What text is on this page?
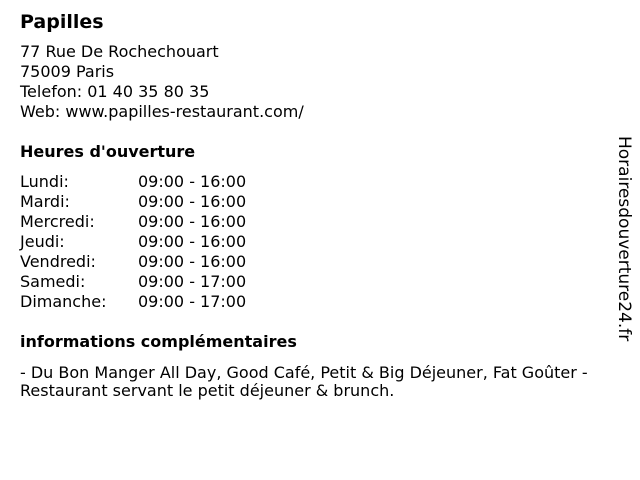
Papilles
77 Rue De Rochechouart
75009 Paris
Telefon: 01 40 35 80 35
Web: www.papilles-restaurant.com/
Heures d'ouverture
Lundi:	09:00 - 16:00
Mardi:	09:00 - 16:00
Mercredi:	09:00 - 16:00
Jeudi:	09:00 - 16:00
Vendredi:	09:00 - 16:00
Samedi:	09:00 - 17:00
Dimanche:	09:00 - 17:00
informations complémentaires
- Du Bon Manger All Day, Good Café, Petit & Big Déjeuner, Fat Goûter -
Restaurant servant le petit déjeuner & brunch.
Horairesdouverture24.fr
